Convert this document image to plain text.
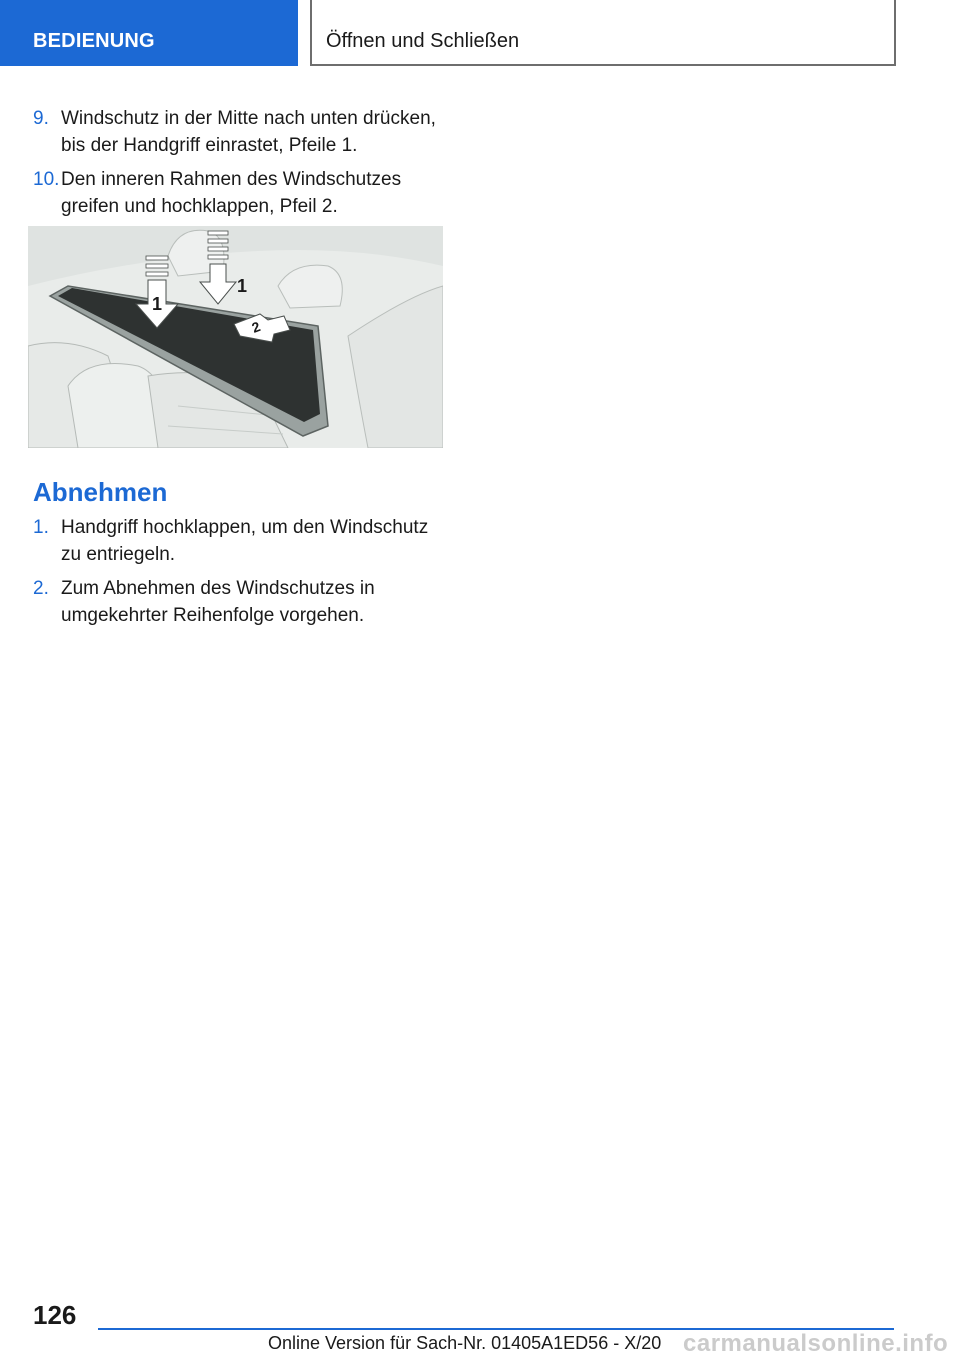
BEDIENUNG	Öffnen und Schließen
9. Windschutz in der Mitte nach unten drücken, bis der Handgriff einrastet, Pfeile 1.
10. Den inneren Rahmen des Windschutzes greifen und hochklappen, Pfeil 2.
1
1
2
Abnehmen
1. Handgriff hochklappen, um den Windschutz zu entriegeln.
2. Zum Abnehmen des Windschutzes in umgekehrter Reihenfolge vorgehen.
126
Online Version für Sach-Nr. 01405A1ED56 - X/20 carmanualsonline.info
